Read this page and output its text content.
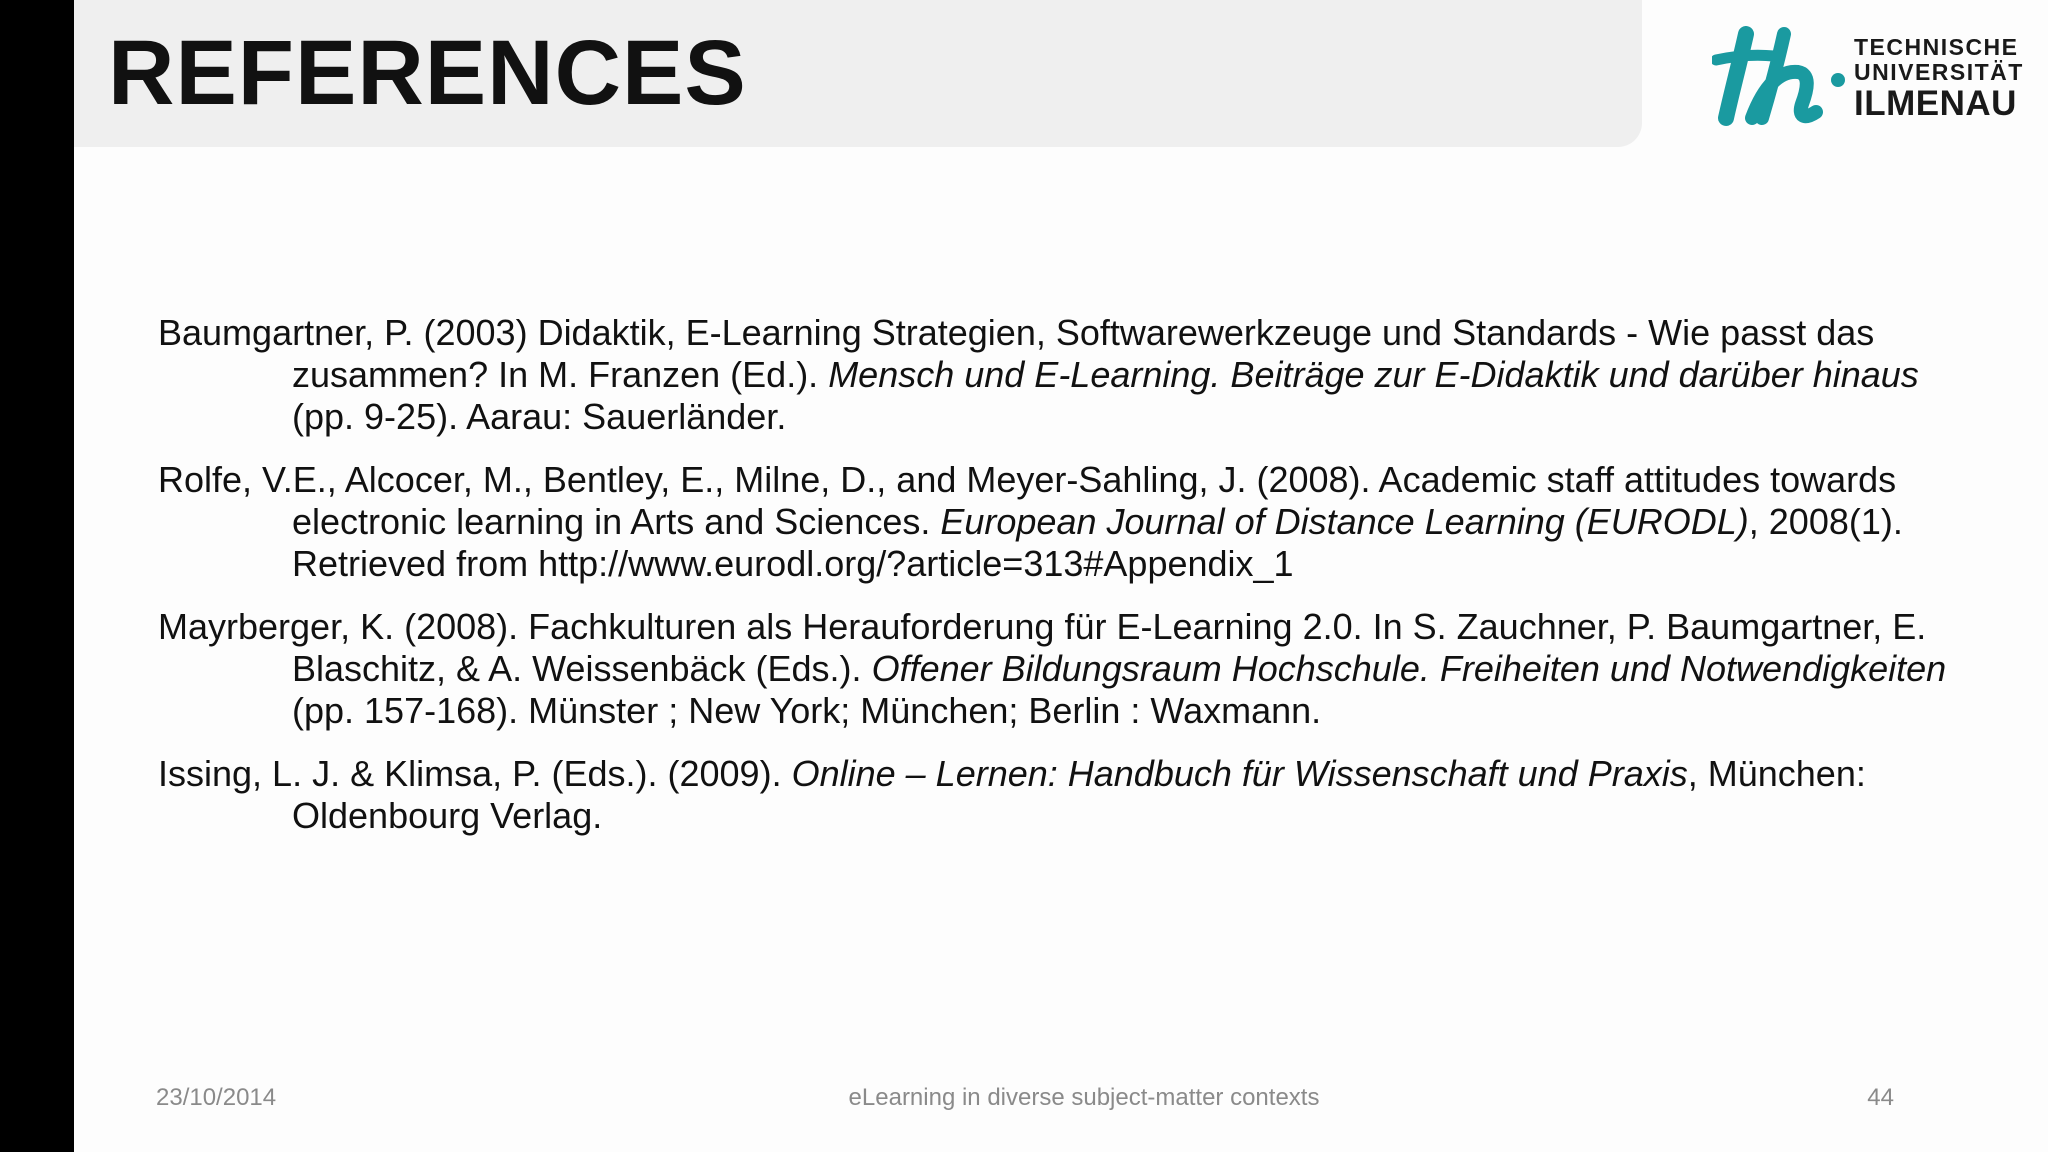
REFERENCES	TECHNISCHE
UNIVERSITÄT
ILMENAU
Baumgartner, P. (2003) Didaktik, E-Learning Strategien, Softwarewerkzeuge und Standards - Wie passt das zusammen? In M. Franzen (Ed.). Mensch und E-Learning. Beiträge zur E-Didaktik und darüber hinaus (pp. 9-25). Aarau: Sauerländer.
Rolfe, V.E., Alcocer, M., Bentley, E., Milne, D., and Meyer-Sahling, J. (2008). Academic staff attitudes towards electronic learning in Arts and Sciences. European Journal of Distance Learning (EURODL), 2008(1). Retrieved from http://www.eurodl.org/?article=313#Appendix_1
Mayrberger, K. (2008). Fachkulturen als Herauforderung für E-Learning 2.0. In S. Zauchner, P. Baumgartner, E. Blaschitz, & A. Weissenbäck (Eds.). Offener Bildungsraum Hochschule. Freiheiten und Notwendigkeiten (pp. 157-168). Münster ; New York; München; Berlin : Waxmann.
Issing, L. J. & Klimsa, P. (Eds.). (2009). Online – Lernen: Handbuch für Wissenschaft und Praxis, München: Oldenbourg Verlag.
23/10/2014	eLearning in diverse subject-matter contexts	44
